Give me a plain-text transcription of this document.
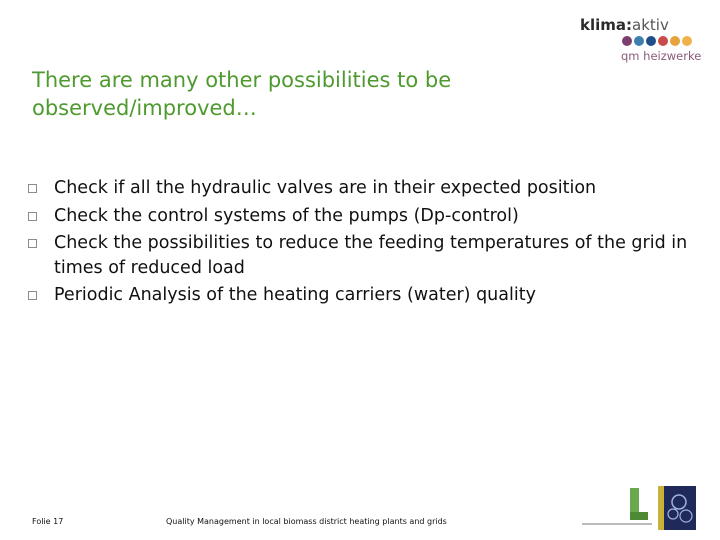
klima:aktiv
qm heizwerke
There are many other possibilities to be observed/improved…
Check if all the hydraulic valves are in their expected position
Check the control systems of the pumps (Dp-control)
Check the possibilities to reduce the feeding temperatures of the grid in times of reduced load
Periodic Analysis of the heating carriers (water) quality
Folie 17	Quality Management in local biomass district heating plants and grids
